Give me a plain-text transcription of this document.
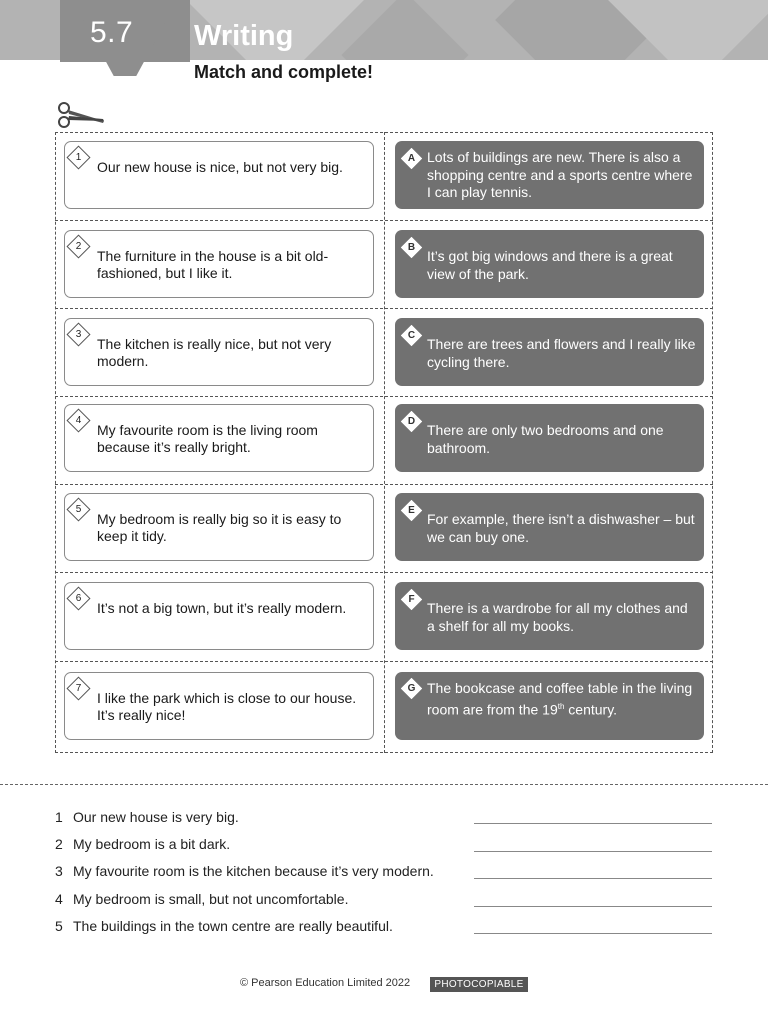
5.7 Writing
Match and complete!
1
Our new house is nice, but not very big.
2
The furniture in the house is a bit old-fashioned, but I like it.
3
The kitchen is really nice, but not very modern.
4
My favourite room is the living room because it’s really bright.
5
My bedroom is really big so it is easy to keep it tidy.
6
It’s not a big town, but it’s really modern.
7
I like the park which is close to our house. It’s really nice!
A Lots of buildings are new. There is also a shopping centre and a sports centre where I can play tennis.
B
It’s got big windows and there is a great view of the park.
C
There are trees and flowers and I really like cycling there.
D
There are only two bedrooms and one bathroom.
E
For example, there isn’t a dishwasher – but we can buy one.
F
There is a wardrobe for all my clothes and a shelf for all my books.
G The bookcase and coffee table in the living room are from the 19th century.
1 Our new house is very big.
2 My bedroom is a bit dark.
3 My favourite room is the kitchen because it’s very modern.
4 My bedroom is small, but not uncomfortable.
5 The buildings in the town centre are really beautiful.
© Pearson Education Limited 2022	PHOTOCOPIABLE
